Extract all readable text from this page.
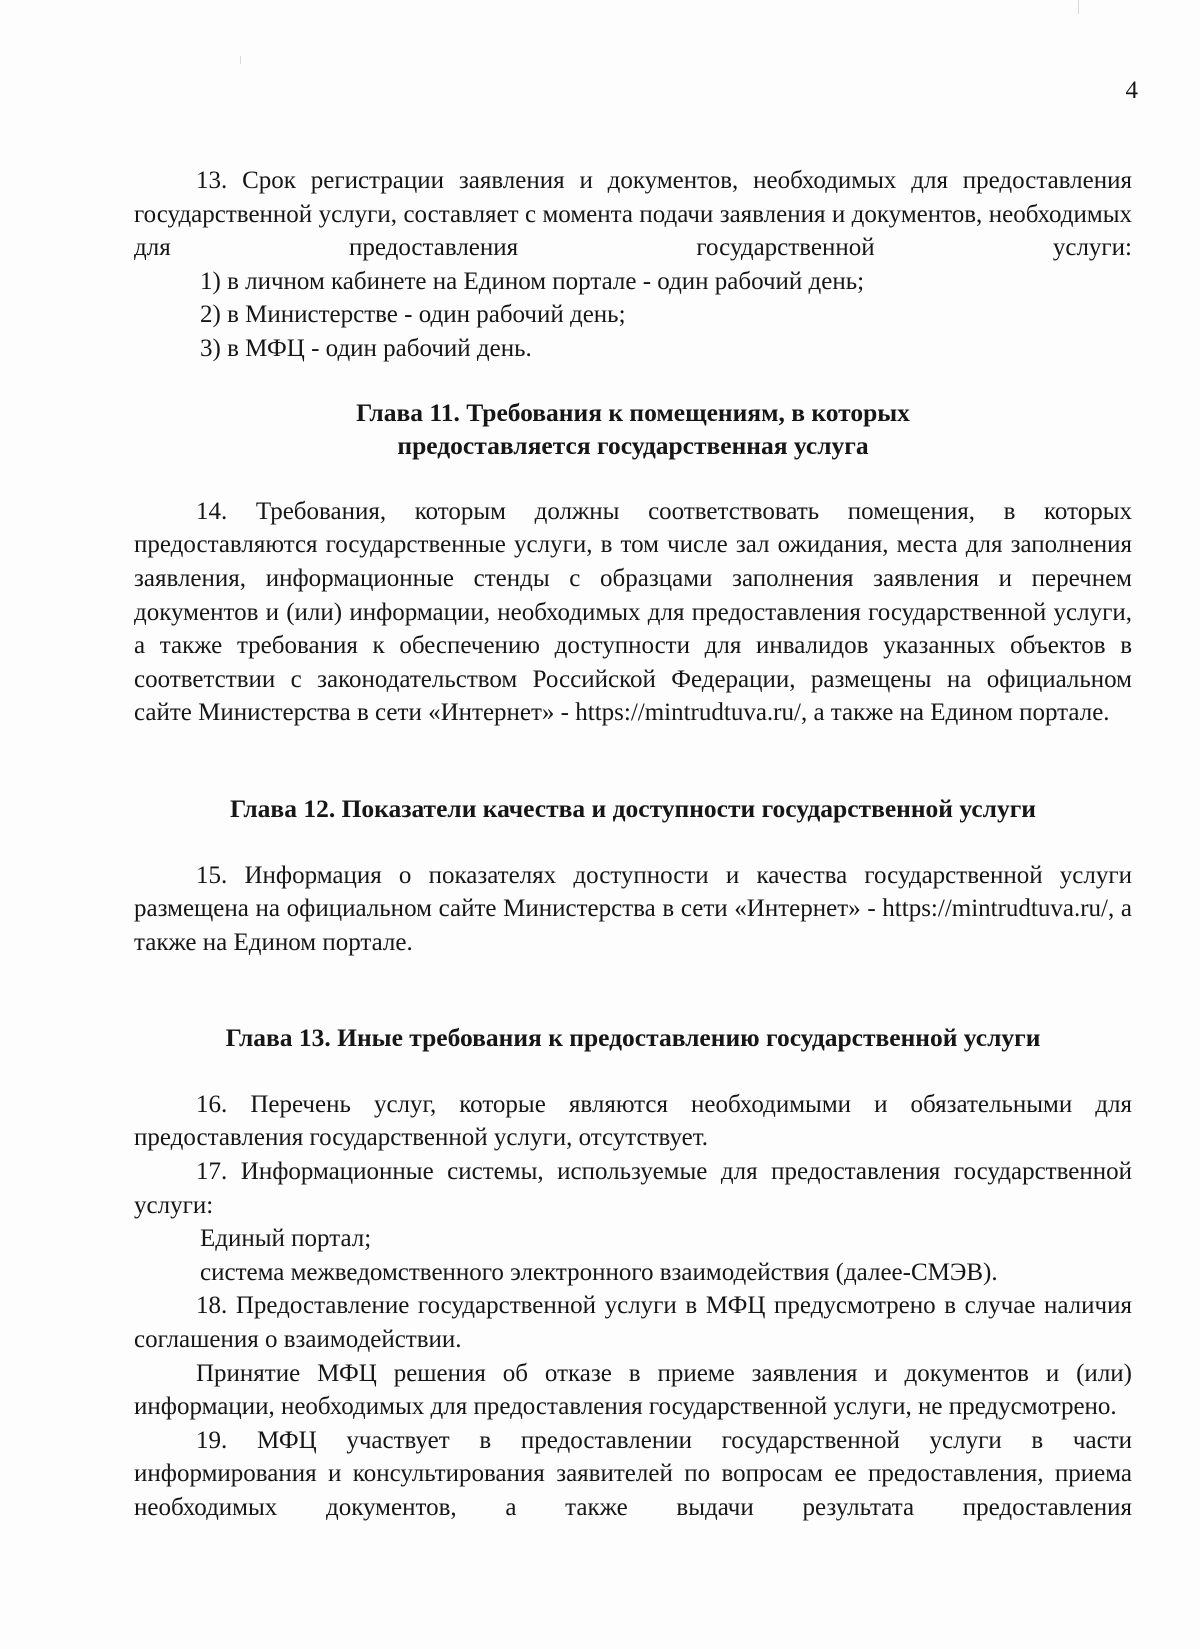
4

13. Срок регистрации заявления и документов, необходимых для предоставления государственной услуги, составляет с момента подачи заявления и документов, необходимых для предоставления государственной услуги:

1) в личном кабинете на Едином портале - один рабочий день;

2) в Министерстве - один рабочий день;

3) в МФЦ - один рабочий день.

Глава 11. Требования к помещениям, в которых
предоставляется государственная услуга

14. Требования, которым должны соответствовать помещения, в которых предоставляются государственные услуги, в том числе зал ожидания, места для заполнения заявления, информационные стенды с образцами заполнения заявления и перечнем документов и (или) информации, необходимых для предоставления государственной услуги, а также требования к обеспечению доступности для инвалидов указанных объектов в соответствии с законодательством Российской Федерации, размещены на официальном сайте Министерства в сети «Интернет» - https://mintrudtuva.ru/, а также на Едином портале.

Глава 12. Показатели качества и доступности государственной услуги

15. Информация о показателях доступности и качества государственной услуги размещена на официальном сайте Министерства в сети «Интернет» - https://mintrudtuva.ru/, а также на Едином портале.

Глава 13. Иные требования к предоставлению государственной услуги

16. Перечень услуг, которые являются необходимыми и обязательными для предоставления государственной услуги, отсутствует.

17. Информационные системы, используемые для предоставления государственной услуги:

Единый портал;

система межведомственного электронного взаимодействия (далее-СМЭВ).

18. Предоставление государственной услуги в МФЦ предусмотрено в случае наличия соглашения о взаимодействии.

Принятие МФЦ решения об отказе в приеме заявления и документов и (или) информации, необходимых для предоставления государственной услуги, не предусмотрено.

19. МФЦ участвует в предоставлении государственной услуги в части информирования и консультирования заявителей по вопросам ее предоставления, приема необходимых документов, а также выдачи результата предоставления
